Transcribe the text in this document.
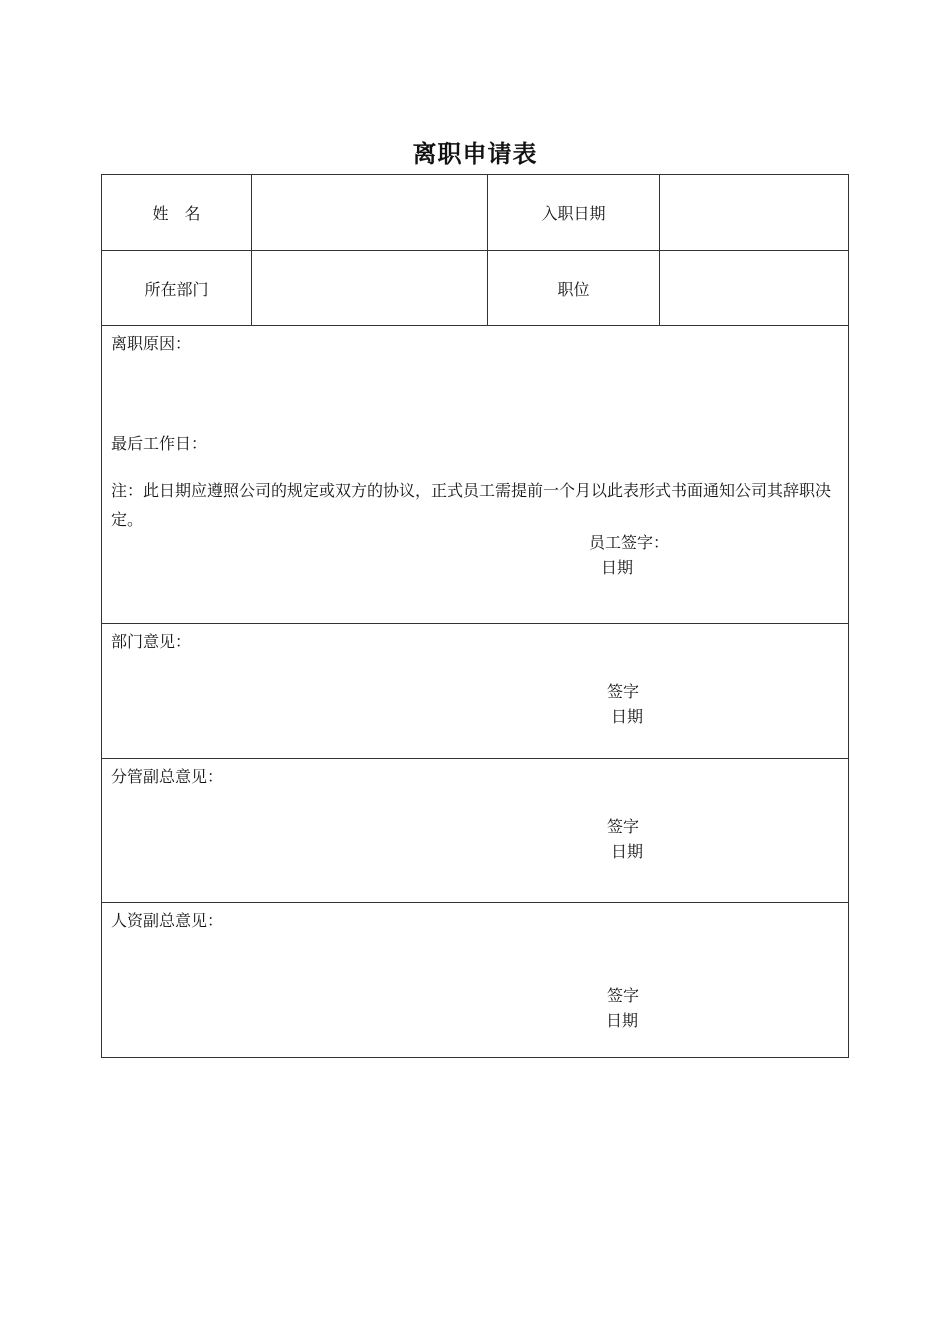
离职申请表
姓　名	入职日期
所在部门	职位
离职原因：
最后工作日：
注：此日期应遵照公司的规定或双方的协议，正式员工需提前一个月以此表形式书面通知公司其辞职决定。
员工签字：
日期
部门意见：
签字
日期
分管副总意见：
签字
日期
人资副总意见：
签字
日期
